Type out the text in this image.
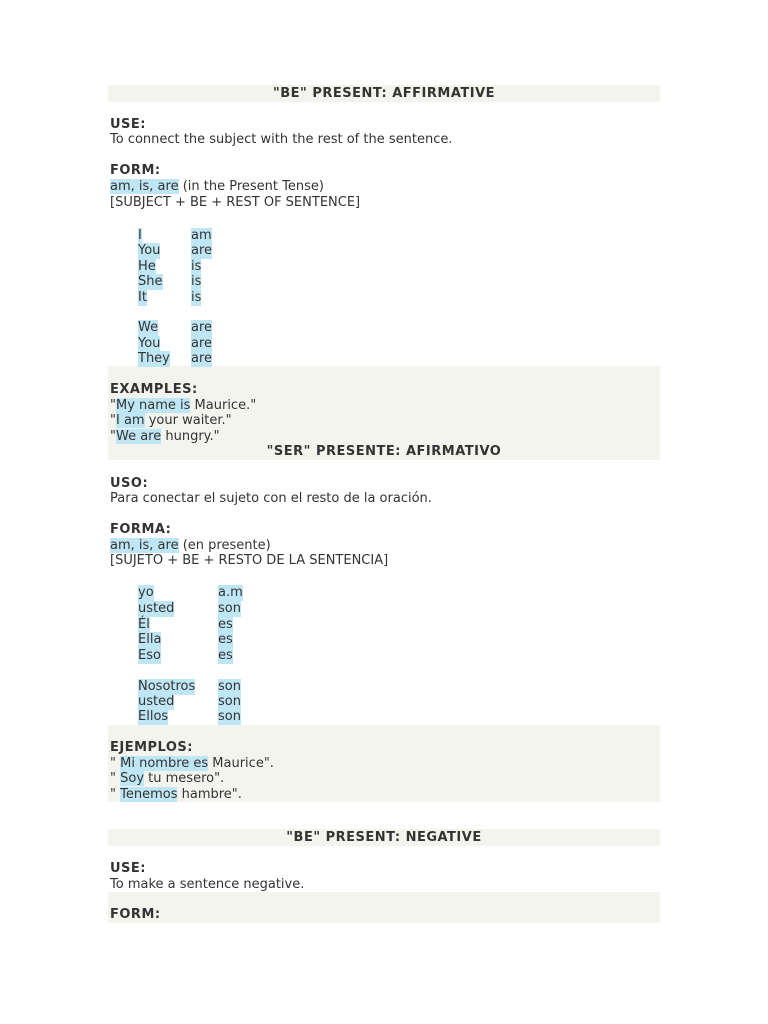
"BE" PRESENT: AFFIRMATIVE
USE:
To connect the subject with the rest of the sentence.
FORM:
am, is, are (in the Present Tense)
[SUBJECT + BE + REST OF SENTENCE]
I	am
You are
He	is
She is
It	is
We	are
You are
They are
EXAMPLES:
"My name is Maurice."
"I am your waiter."
"We are hungry."
"SER" PRESENTE: AFIRMATIVO
USO:
Para conectar el sujeto con el resto de la oración.
FORMA:
am, is, are (en presente)
[SUJETO + BE + RESTO DE LA SENTENCIA]
yo	a.m
usted	son
Él	es
Ella	es
Eso	es
Nosotros son
usted	son
Ellos	son
EJEMPLOS:
" Mi nombre es Maurice".
" Soy tu mesero".
" Tenemos hambre".
"BE" PRESENT: NEGATIVE
USE:
To make a sentence negative.
FORM:
